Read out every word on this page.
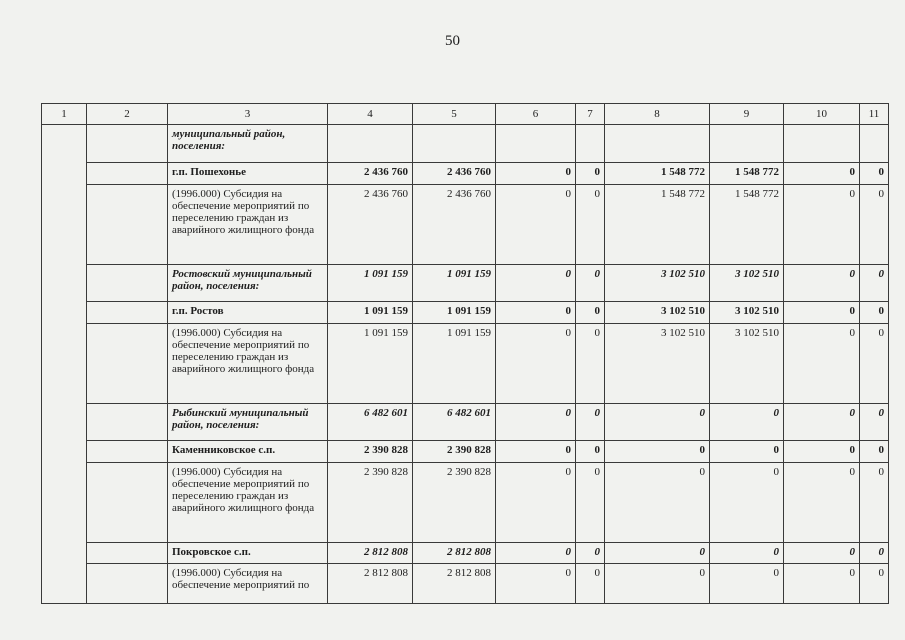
50
1	2	3	4	5	6	7	8	9	10	11
		муниципальный район, поселения:								
		г.п. Пошехонье	2 436 760	2 436 760	0	0	1 548 772	1 548 772	0	0
		(1996.000) Субсидия на обеспечение мероприятий по переселению граждан из аварийного жилищного фонда	2 436 760	2 436 760	0	0	1 548 772	1 548 772	0	0
		Ростовский муниципальный район, поселения:	1 091 159	1 091 159	0	0	3 102 510	3 102 510	0	0
		г.п. Ростов	1 091 159	1 091 159	0	0	3 102 510	3 102 510	0	0
		(1996.000) Субсидия на обеспечение мероприятий по переселению граждан из аварийного жилищного фонда	1 091 159	1 091 159	0	0	3 102 510	3 102 510	0	0
		Рыбинский муниципальный район, поселения:	6 482 601	6 482 601	0	0	0	0	0	0
		Каменниковское с.п.	2 390 828	2 390 828	0	0	0	0	0	0
		(1996.000) Субсидия на обеспечение мероприятий по переселению граждан из аварийного жилищного фонда	2 390 828	2 390 828	0	0	0	0	0	0
		Покровское с.п.	2 812 808	2 812 808	0	0	0	0	0	0
		(1996.000) Субсидия на обеспечение мероприятий по	2 812 808	2 812 808	0	0	0	0	0	0
